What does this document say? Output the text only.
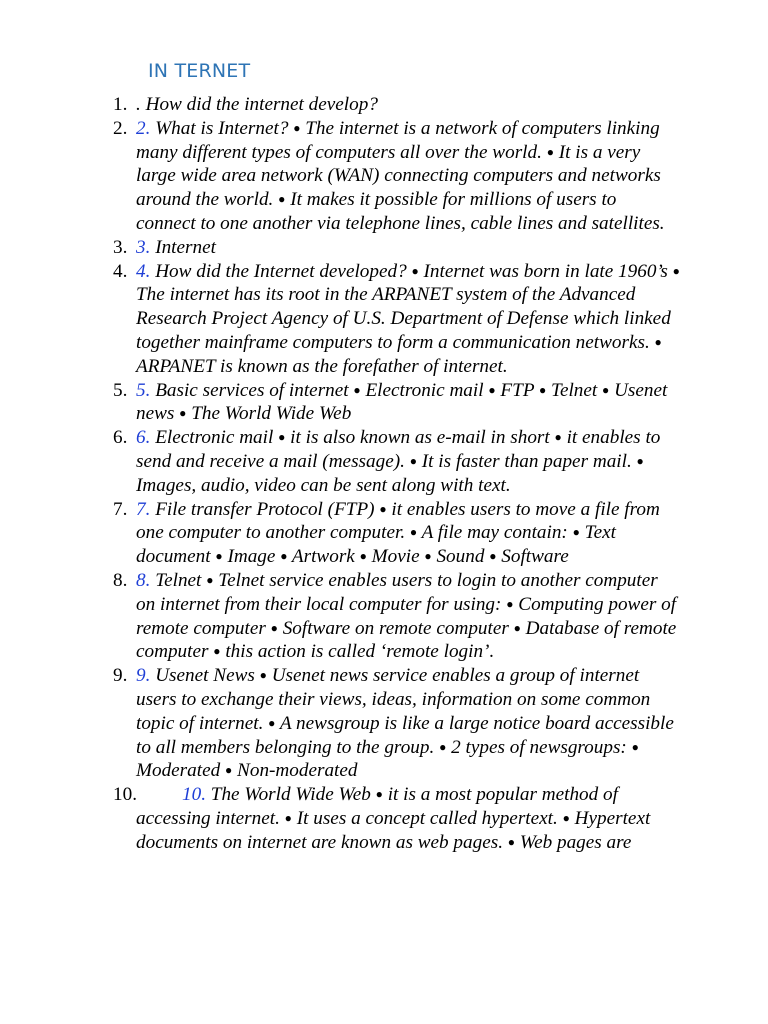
IN TERNET
1. . How did the internet develop?
2. 2. What is Internet? ● The internet is a network of computers linking many different types of computers all over the world. ● It is a very large wide area network (WAN) connecting computers and networks around the world. ● It makes it possible for millions of users to connect to one another via telephone lines, cable lines and satellites.
3. 3. Internet
4. 4. How did the Internet developed? ● Internet was born in late 1960’s ● The internet has its root in the ARPANET system of the Advanced Research Project Agency of U.S. Department of Defense which linked together mainframe computers to form a communication networks. ● ARPANET is known as the forefather of internet.
5. 5. Basic services of internet ● Electronic mail ● FTP ● Telnet ● Usenet news ● The World Wide Web
6. 6. Electronic mail ● it is also known as e-mail in short ● it enables to send and receive a mail (message). ● It is faster than paper mail. ● Images, audio, video can be sent along with text.
7. 7. File transfer Protocol (FTP) ● it enables users to move a file from one computer to another computer. ● A file may contain: ● Text document ● Image ● Artwork ● Movie ● Sound ● Software
8. 8. Telnet ● Telnet service enables users to login to another computer on internet from their local computer for using: ● Computing power of remote computer ● Software on remote computer ● Database of remote computer ● this action is called ‘remote login’.
9. 9. Usenet News ● Usenet news service enables a group of internet users to exchange their views, ideas, information on some common topic of internet. ● A newsgroup is like a large notice board accessible to all members belonging to the group. ● 2 types of newsgroups: ● Moderated ● Non-moderated
10. 10. The World Wide Web ● it is a most popular method of accessing internet. ● It uses a concept called hypertext. ● Hypertext documents on internet are known as web pages. ● Web pages are
